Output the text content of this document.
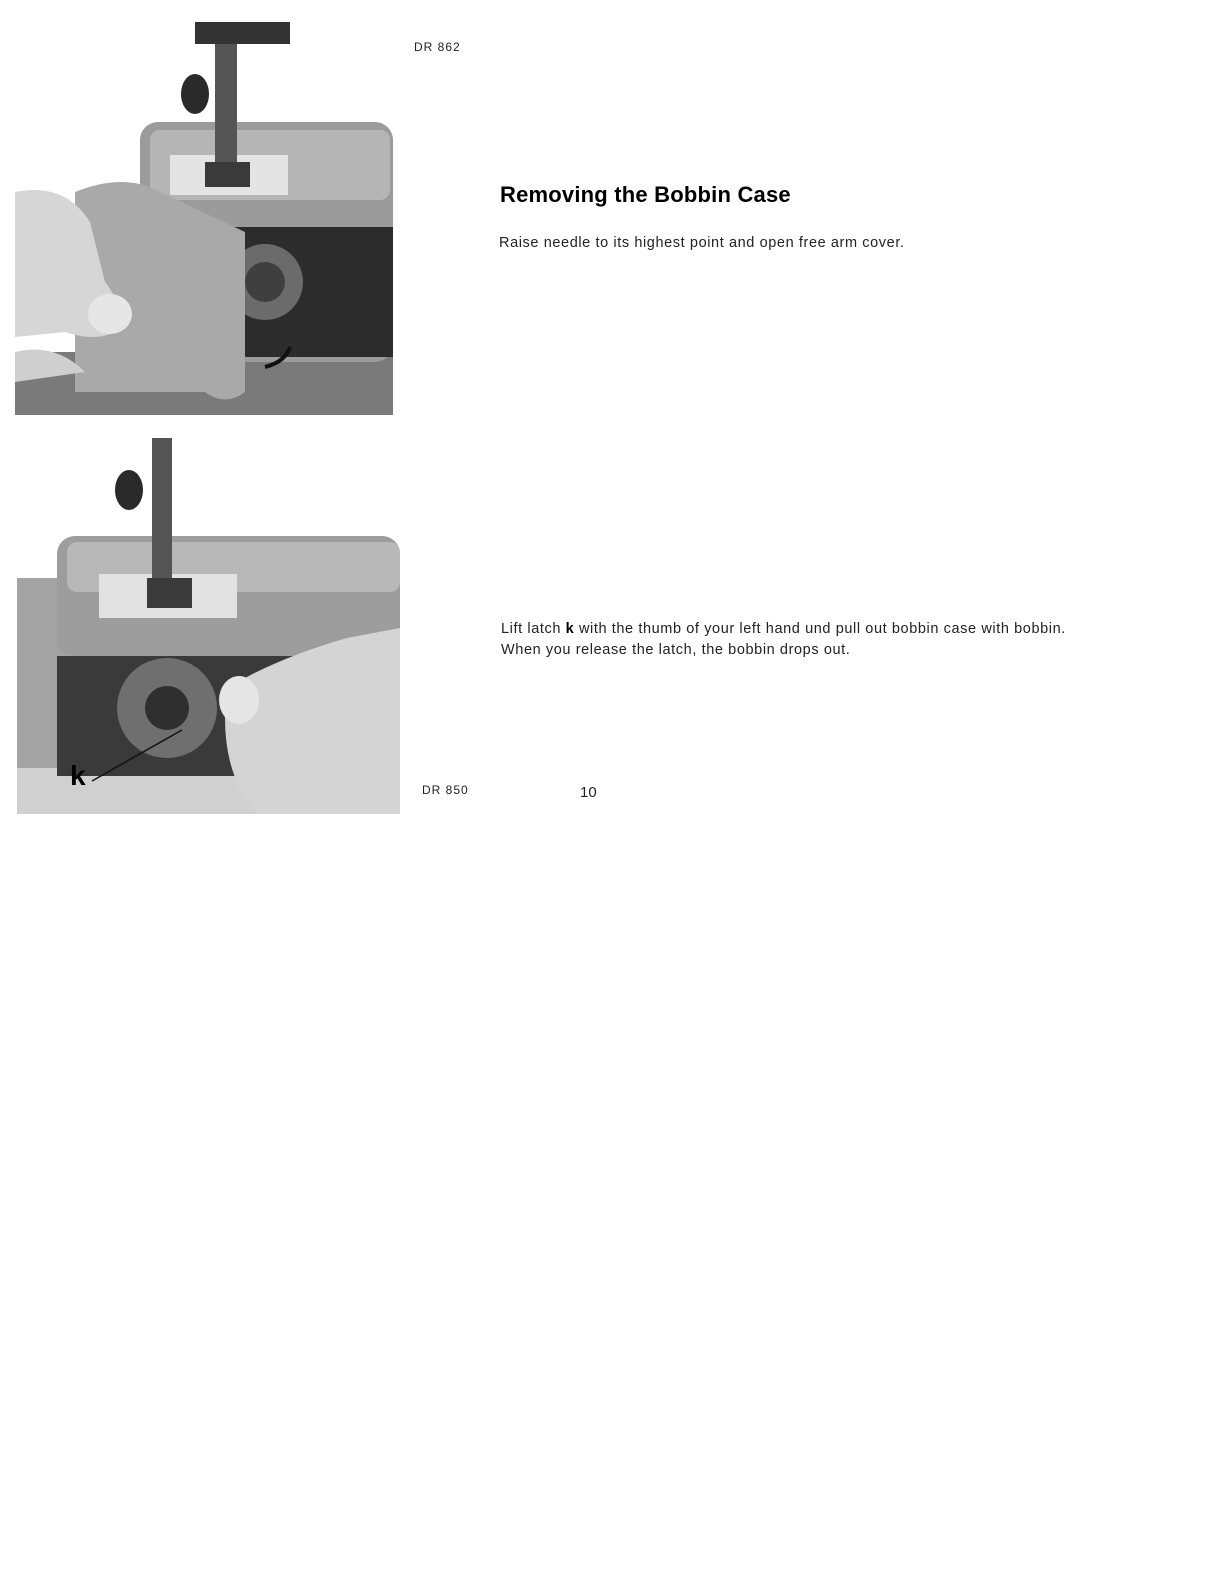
DR 862
k	DR 850
Removing the Bobbin Case

Raise needle to its highest point and open free arm cover.

Lift latch k with the thumb of your left hand und pull out bobbin case with bobbin. When you release the latch, the bobbin drops out.

10
